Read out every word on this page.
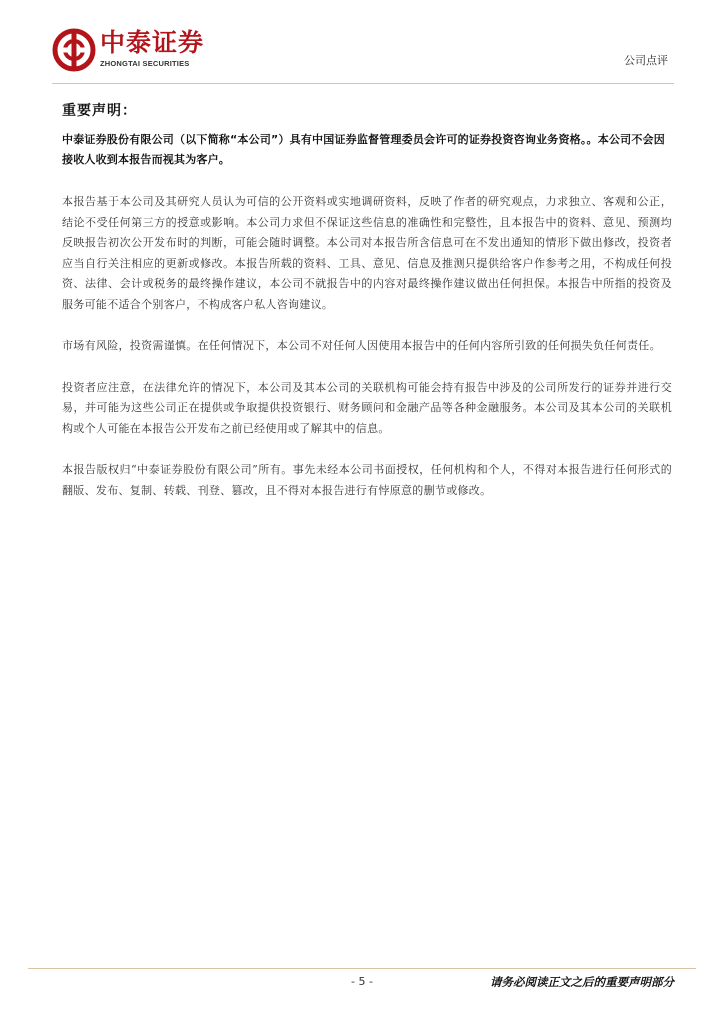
中泰证券
ZHONGTAI SECURITIES	公司点评
重要声明：

中泰证券股份有限公司（以下简称“本公司”）具有中国证券监督管理委员会许可的证券投资咨询业务资格。。本公司不会因接收人收到本报告而视其为客户。

本报告基于本公司及其研究人员认为可信的公开资料或实地调研资料，反映了作者的研究观点，力求独立、客观和公正，结论不受任何第三方的授意或影响。本公司力求但不保证这些信息的准确性和完整性，且本报告中的资料、意见、预测均反映报告初次公开发布时的判断，可能会随时调整。本公司对本报告所含信息可在不发出通知的情形下做出修改，投资者应当自行关注相应的更新或修改。本报告所载的资料、工具、意见、信息及推测只提供给客户作参考之用，不构成任何投资、法律、会计或税务的最终操作建议，本公司不就报告中的内容对最终操作建议做出任何担保。本报告中所指的投资及服务可能不适合个别客户，不构成客户私人咨询建议。

市场有风险，投资需谨慎。在任何情况下，本公司不对任何人因使用本报告中的任何内容所引致的任何损失负任何责任。

投资者应注意，在法律允许的情况下，本公司及其本公司的关联机构可能会持有报告中涉及的公司所发行的证券并进行交易，并可能为这些公司正在提供或争取提供投资银行、财务顾问和金融产品等各种金融服务。本公司及其本公司的关联机构或个人可能在本报告公开发布之前已经使用或了解其中的信息。

本报告版权归“中泰证券股份有限公司”所有。事先未经本公司书面授权，任何机构和个人，不得对本报告进行任何形式的翻版、发布、复制、转载、刊登、篡改，且不得对本报告进行有悖原意的删节或修改。

- 5 -	请务必阅读正文之后的重要声明部分
